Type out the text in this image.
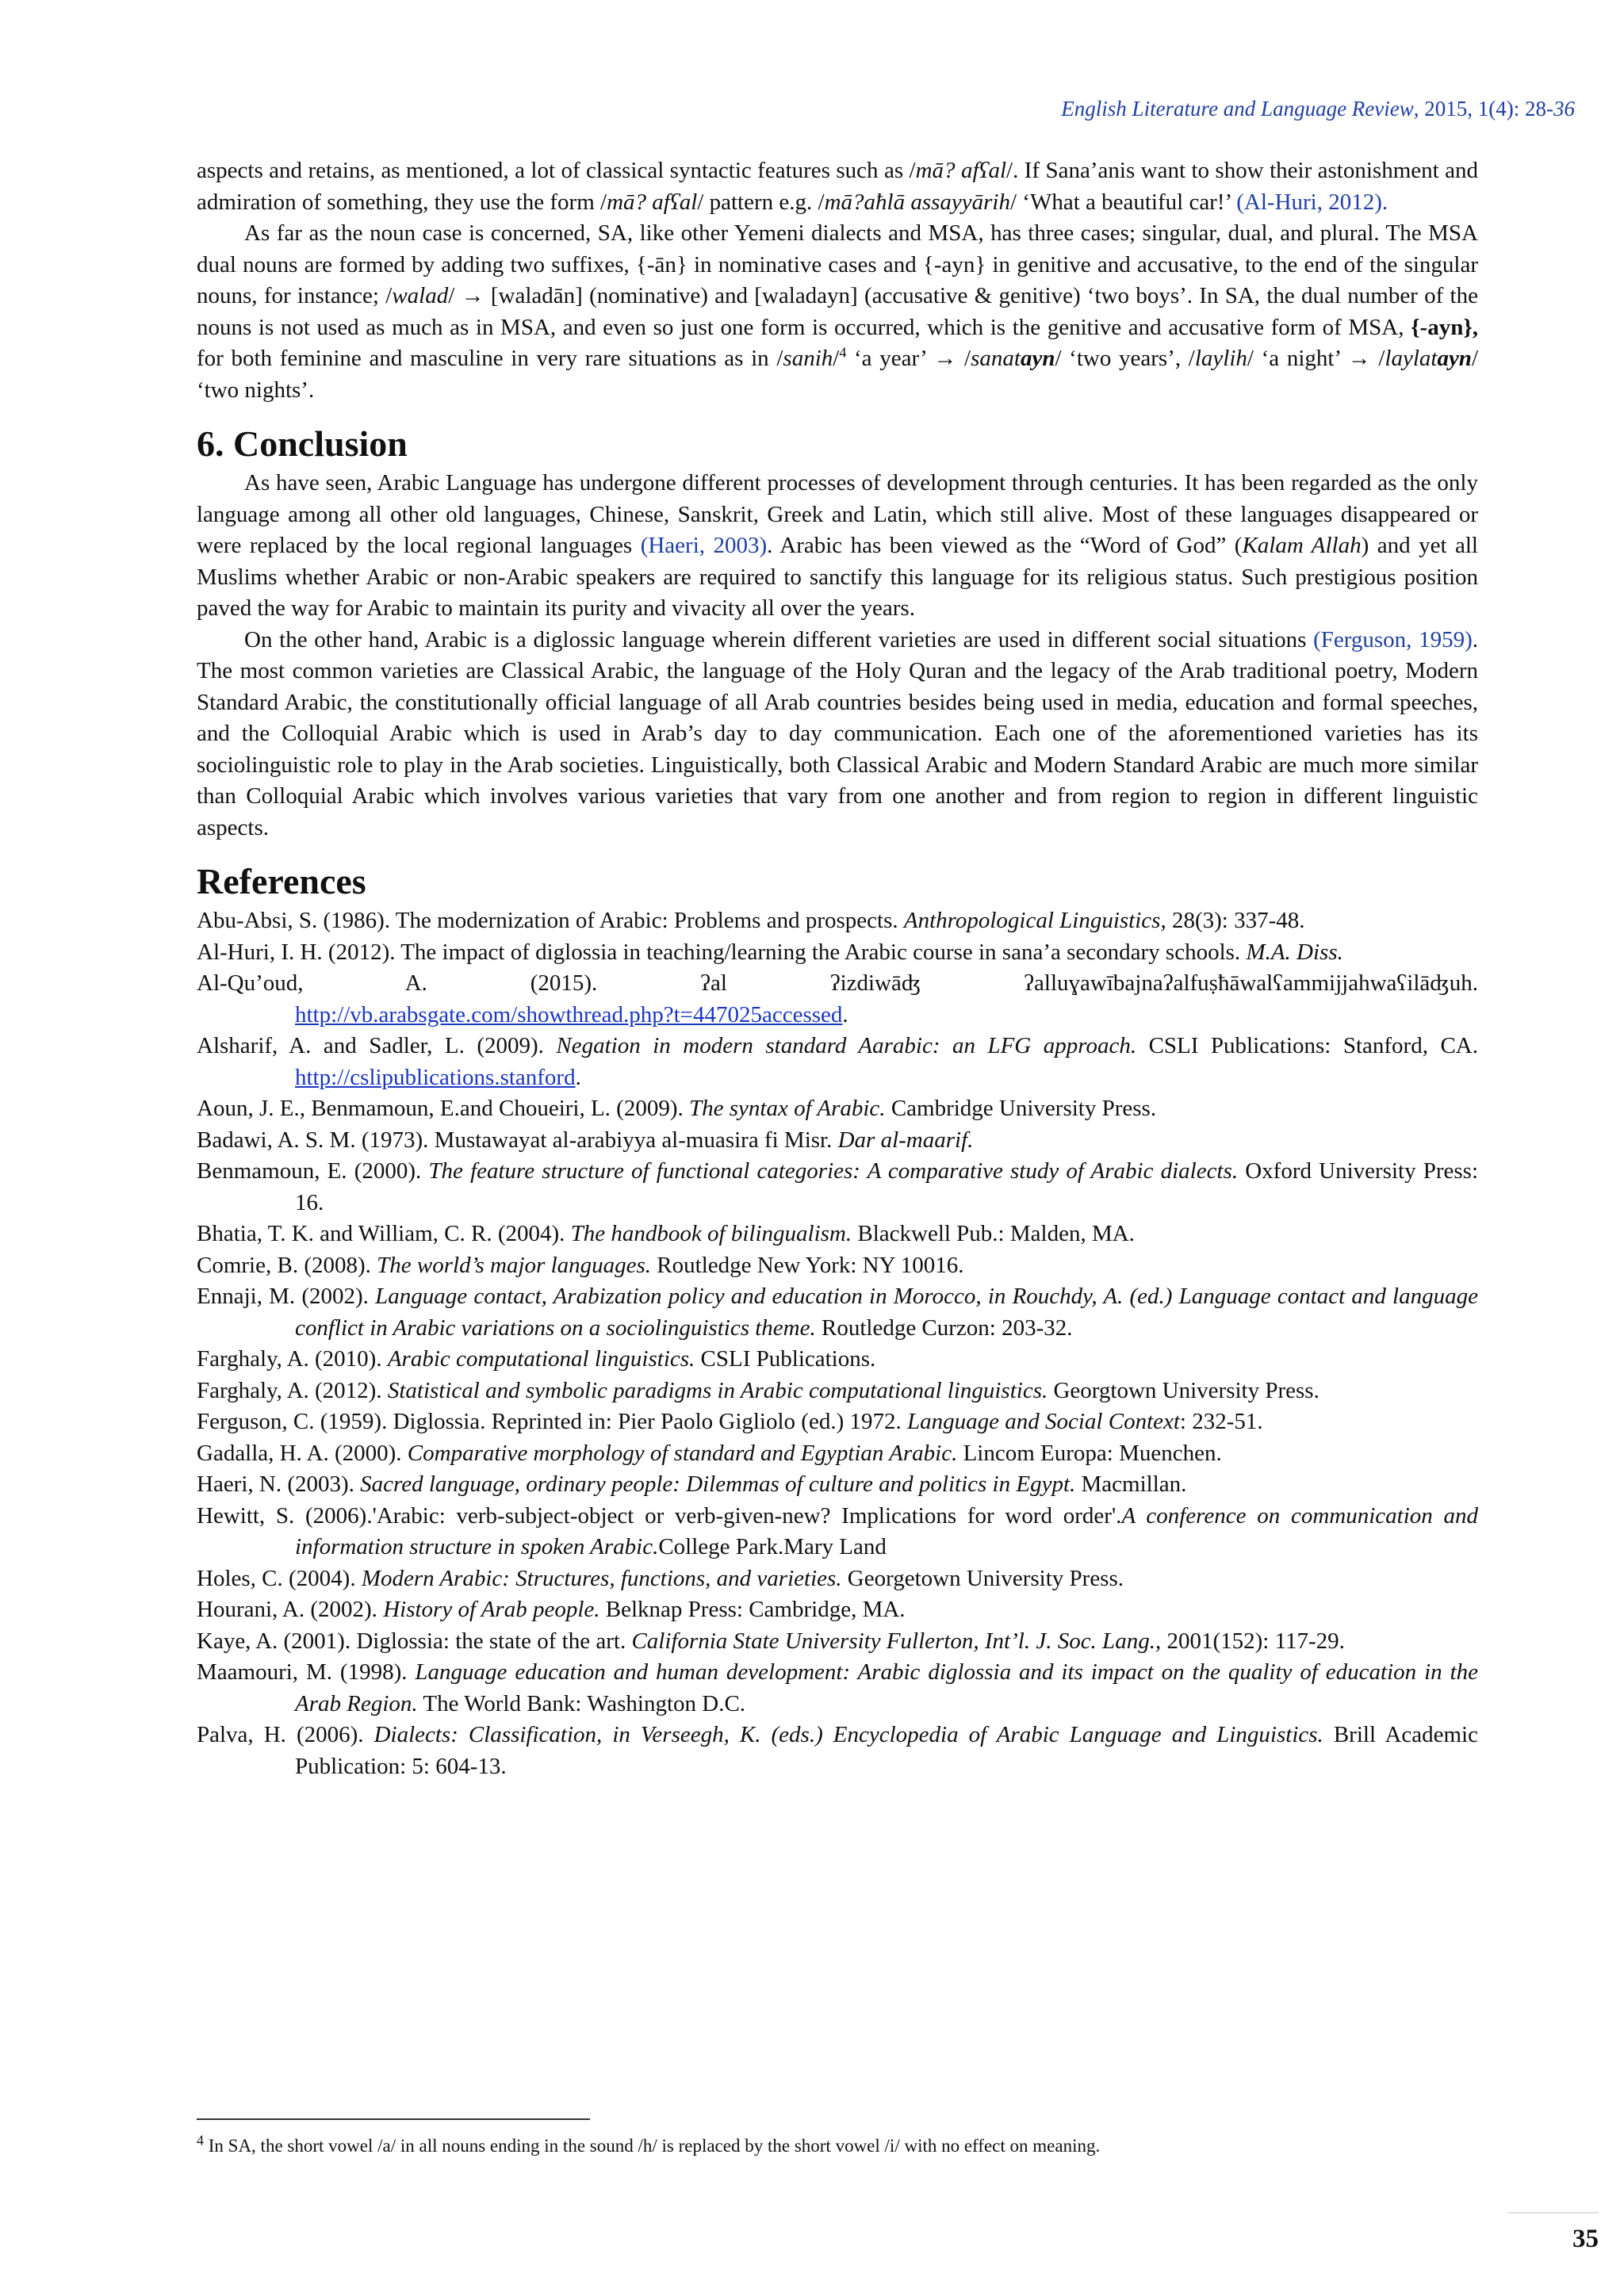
English Literature and Language Review, 2015, 1(4): 28-36

aspects and retains, as mentioned, a lot of classical syntactic features such as /mā? afʕal/. If Sana’anis want to show their astonishment and admiration of something, they use the form /mā? afʕal/ pattern e.g. /mā?aħlā assayyārih/ ‘What a beautiful car!’ (Al-Huri, 2012).

As far as the noun case is concerned, SA, like other Yemeni dialects and MSA, has three cases; singular, dual, and plural. The MSA dual nouns are formed by adding two suffixes, {-ān} in nominative cases and {-ayn} in genitive and accusative, to the end of the singular nouns, for instance; /walad/ → [waladān] (nominative) and [waladayn] (accusative & genitive) ‘two boys’. In SA, the dual number of the nouns is not used as much as in MSA, and even so just one form is occurred, which is the genitive and accusative form of MSA, {-ayn}, for both feminine and masculine in very rare situations as in /sanih/$^4$ ‘a year’ → /sanatayn/ ‘two years’, /laylih/ ‘a night’ → /laylatayn/ ‘two nights’.

6. Conclusion

As have seen, Arabic Language has undergone different processes of development through centuries. It has been regarded as the only language among all other old languages, Chinese, Sanskrit, Greek and Latin, which still alive. Most of these languages disappeared or were replaced by the local regional languages (Haeri, 2003). Arabic has been viewed as the “Word of God” (Kalam Allah) and yet all Muslims whether Arabic or non-Arabic speakers are required to sanctify this language for its religious status. Such prestigious position paved the way for Arabic to maintain its purity and vivacity all over the years.

On the other hand, Arabic is a diglossic language wherein different varieties are used in different social situations (Ferguson, 1959). The most common varieties are Classical Arabic, the language of the Holy Quran and the legacy of the Arab traditional poetry, Modern Standard Arabic, the constitutionally official language of all Arab countries besides being used in media, education and formal speeches, and the Colloquial Arabic which is used in Arab’s day to day communication. Each one of the aforementioned varieties has its sociolinguistic role to play in the Arab societies. Linguistically, both Classical Arabic and Modern Standard Arabic are much more similar than Colloquial Arabic which involves various varieties that vary from one another and from region to region in different linguistic aspects.

References

Abu-Absi, S. (1986). The modernization of Arabic: Problems and prospects. Anthropological Linguistics, 28(3): 337-48.

Al-Huri, I. H. (2012). The impact of diglossia in teaching/learning the Arabic course in sana’a secondary schools. M.A. Diss.

Al-Qu’oud,	A.	(2015).	ʔal	ʔizdiwāʤ	ʔalluɣawībajnaʔalfuṣħāwalʕammijjahwaʕilāʤuh.
http://vb.arabsgate.com/showthread.php?t=447025accessed.

Alsharif, A. and Sadler, L. (2009). Negation in modern standard Aarabic: an LFG approach. CSLI Publications: Stanford, CA. http://cslipublications.stanford.

Aoun, J. E., Benmamoun, E.and Choueiri, L. (2009). The syntax of Arabic. Cambridge University Press.

Badawi, A. S. M. (1973). Mustawayat al-arabiyya al-muasira fi Misr. Dar al-maarif.

Benmamoun, E. (2000). The feature structure of functional categories: A comparative study of Arabic dialects. Oxford University Press: 16.

Bhatia, T. K. and William, C. R. (2004). The handbook of bilingualism. Blackwell Pub.: Malden, MA.

Comrie, B. (2008). The world’s major languages. Routledge New York: NY 10016.

Ennaji, M. (2002). Language contact, Arabization policy and education in Morocco, in Rouchdy, A. (ed.) Language contact and language conflict in Arabic variations on a sociolinguistics theme. Routledge Curzon: 203-32.

Farghaly, A. (2010). Arabic computational linguistics. CSLI Publications.

Farghaly, A. (2012). Statistical and symbolic paradigms in Arabic computational linguistics. Georgtown University Press.

Ferguson, C. (1959). Diglossia. Reprinted in: Pier Paolo Gigliolo (ed.) 1972. Language and Social Context: 232-51.

Gadalla, H. A. (2000). Comparative morphology of standard and Egyptian Arabic. Lincom Europa: Muenchen.

Haeri, N. (2003). Sacred language, ordinary people: Dilemmas of culture and politics in Egypt. Macmillan.

Hewitt, S. (2006).'Arabic: verb-subject-object or verb-given-new? Implications for word order'.A conference on communication and information structure in spoken Arabic.College Park.Mary Land

Holes, C. (2004). Modern Arabic: Structures, functions, and varieties. Georgetown University Press.

Hourani, A. (2002). History of Arab people. Belknap Press: Cambridge, MA.

Kaye, A. (2001). Diglossia: the state of the art. California State University Fullerton, Int’l. J. Soc. Lang., 2001(152): 117-29.

Maamouri, M. (1998). Language education and human development: Arabic diglossia and its impact on the quality of education in the Arab Region. The World Bank: Washington D.C.

Palva, H. (2006). Dialects: Classification, in Verseegh, K. (eds.) Encyclopedia of Arabic Language and Linguistics. Brill Academic Publication: 5: 604-13.

$^4$ In SA, the short vowel /a/ in all nouns ending in the sound /h/ is replaced by the short vowel /i/ with no effect on meaning.
35
